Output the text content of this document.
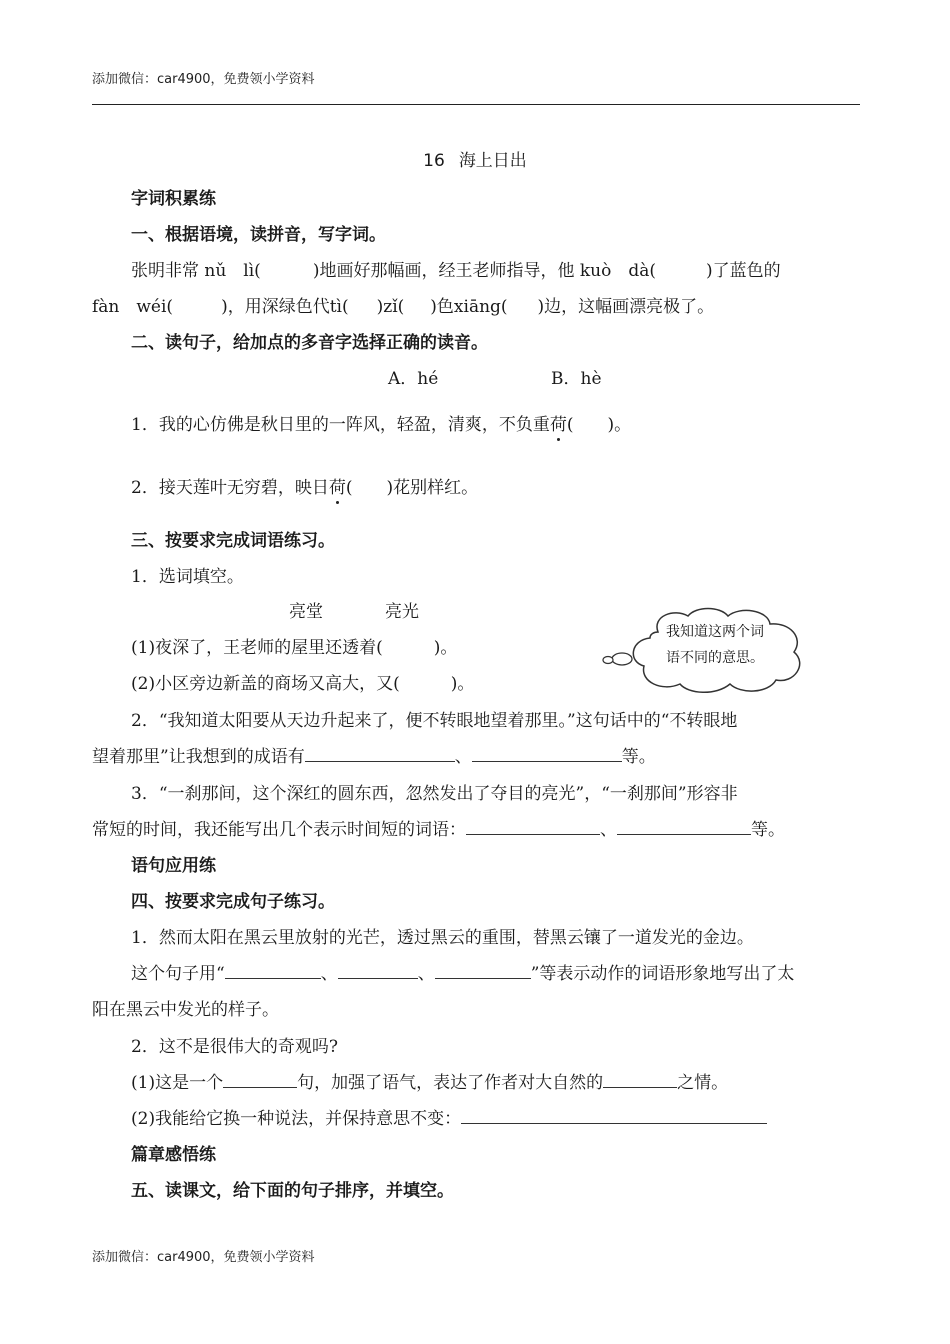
添加微信：car4900，免费领小学资料
16 海上日出
字词积累练
一、根据语境，读拼音，写字词。
张明非常 nǔ　lì(	)地画好那幅画，经王老师指导，他 kuò　dà(	)了蓝色的
fàn　wéi(	)，用深绿色代tì( )zǐ( )色xiāng( )边，这幅画漂亮极了。
二、读句子，给加点的多音字选择正确的读音。
A．hé	B．hè
1．我的心仿佛是秋日里的一阵风，轻盈，清爽，不负重荷(　　)。
2．接天莲叶无穷碧，映日荷(　　)花别样红。
三、按要求完成词语练习。
1．选词填空。
亮堂	亮光
我知道这两个词
语不同的意思。
(1)夜深了，王老师的屋里还透着(　　　)。
(2)小区旁边新盖的商场又高大，又(　　　)。
2．“我知道太阳要从天边升起来了，便不转眼地望着那里。”这句话中的“不转眼地
望着那里”让我想到的成语有	、	等。
3．“一刹那间，这个深红的圆东西，忽然发出了夺目的亮光”，“一刹那间”形容非
常短的时间，我还能写出几个表示时间短的词语：	、	等。
语句应用练
四、按要求完成句子练习。
1．然而太阳在黑云里放射的光芒，透过黑云的重围，替黑云镶了一道发光的金边。
这个句子用“	、	、	”等表示动作的词语形象地写出了太
阳在黑云中发光的样子。
2．这不是很伟大的奇观吗?
(1)这是一个	句，加强了语气，表达了作者对大自然的	之情。
(2)我能给它换一种说法，并保持意思不变：
篇章感悟练
五、读课文，给下面的句子排序，并填空。
添加微信：car4900，免费领小学资料
